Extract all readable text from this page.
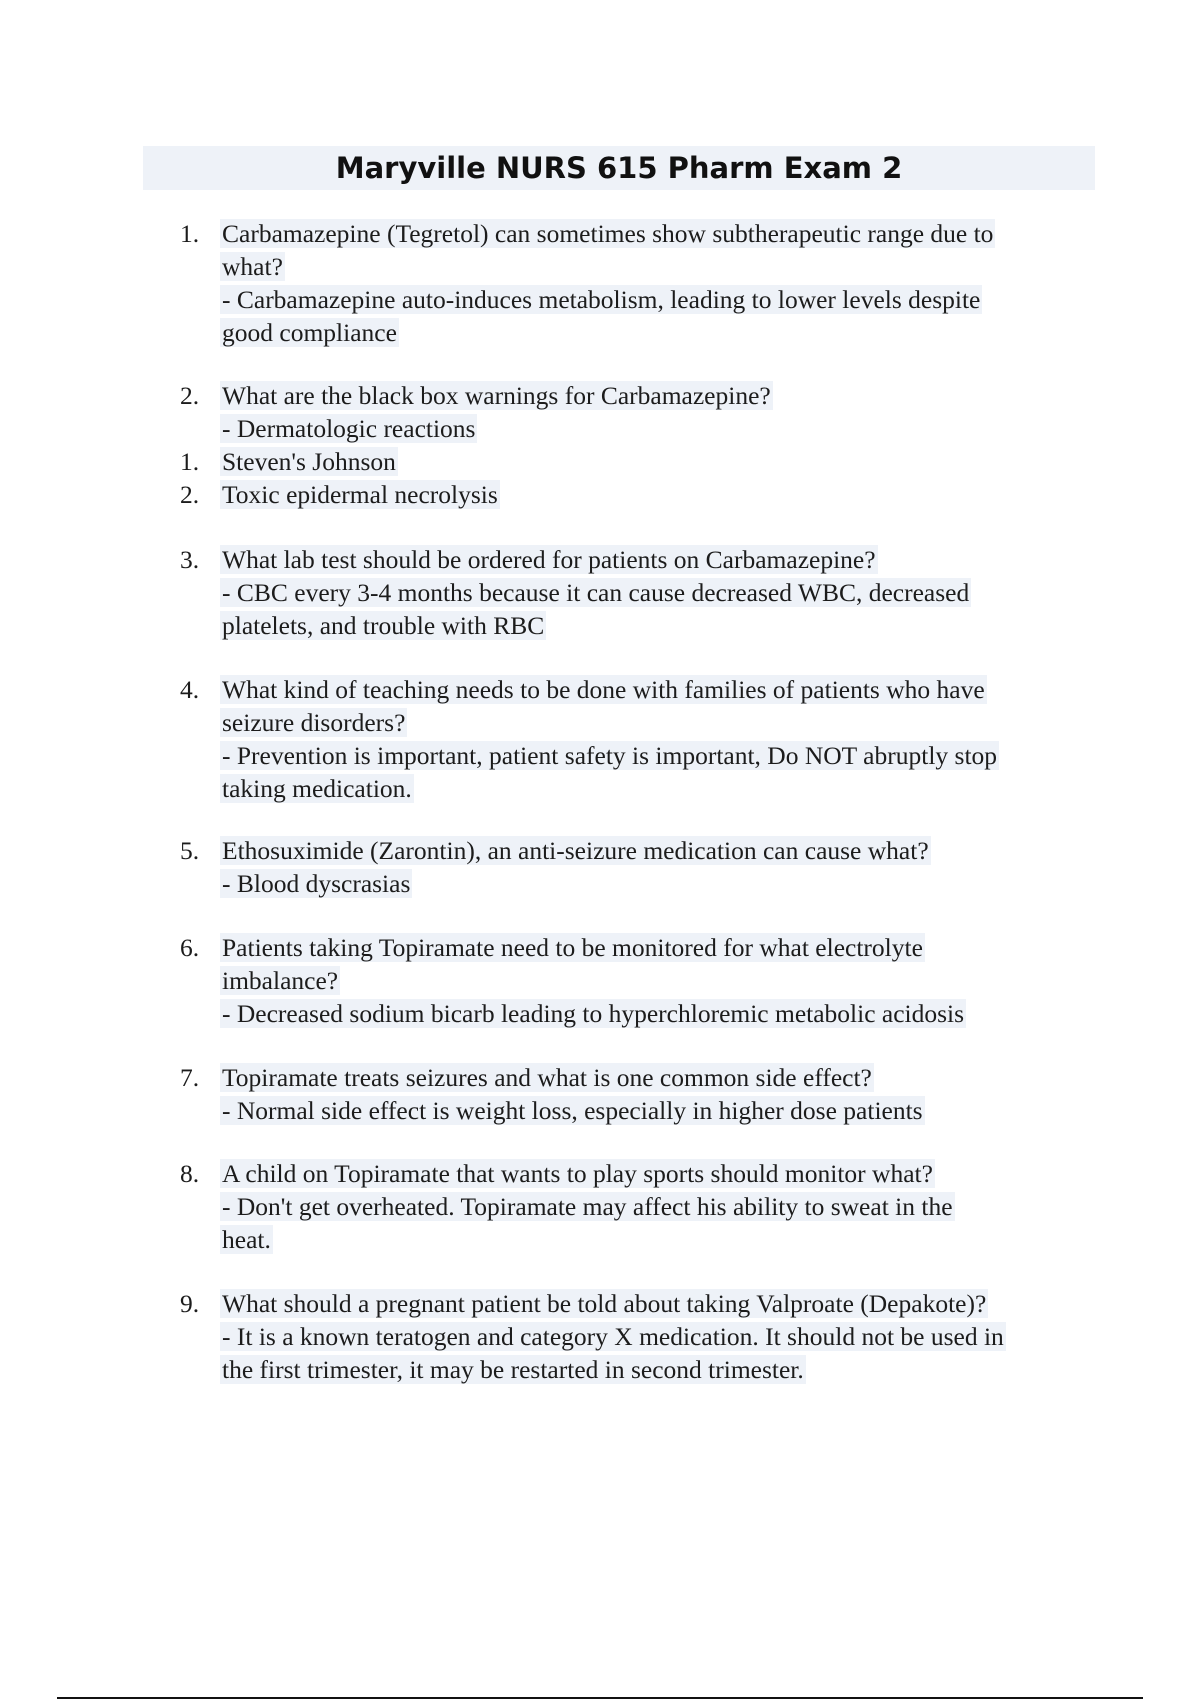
Maryville NURS 615 Pharm Exam 2
1. Carbamazepine (Tegretol) can sometimes show subtherapeutic range due to
what?
- Carbamazepine auto-induces metabolism, leading to lower levels despite
good compliance
2. What are the black box warnings for Carbamazepine?
- Dermatologic reactions
1. Steven's Johnson
2. Toxic epidermal necrolysis
3. What lab test should be ordered for patients on Carbamazepine?
- CBC every 3-4 months because it can cause decreased WBC, decreased
platelets, and trouble with RBC
4. What kind of teaching needs to be done with families of patients who have
seizure disorders?
- Prevention is important, patient safety is important, Do NOT abruptly stop
taking medication.
5. Ethosuximide (Zarontin), an anti-seizure medication can cause what?
- Blood dyscrasias
6. Patients taking Topiramate need to be monitored for what electrolyte
imbalance?
- Decreased sodium bicarb leading to hyperchloremic metabolic acidosis
7. Topiramate treats seizures and what is one common side effect?
- Normal side effect is weight loss, especially in higher dose patients
8. A child on Topiramate that wants to play sports should monitor what?
- Don't get overheated. Topiramate may affect his ability to sweat in the
heat.
9. What should a pregnant patient be told about taking Valproate (Depakote)?
- It is a known teratogen and category X medication. It should not be used in
the first trimester, it may be restarted in second trimester.
